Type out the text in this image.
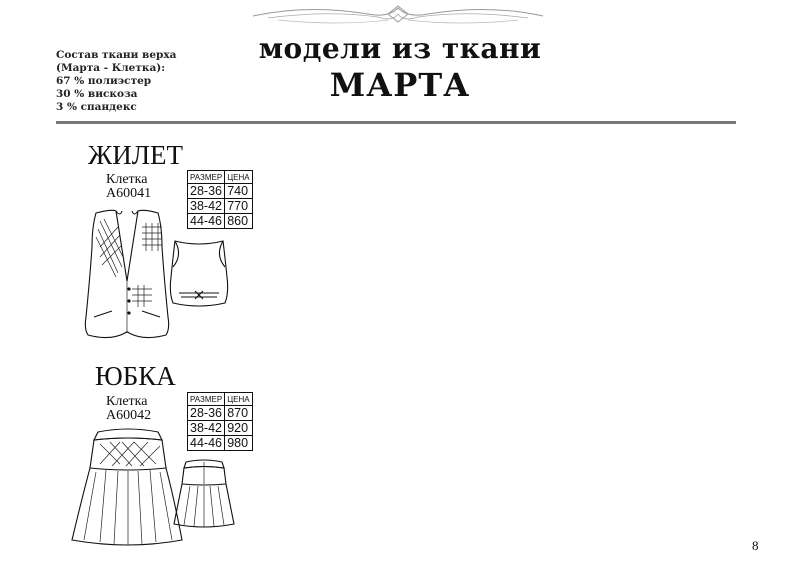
Состав ткани верха
(Марта - Клетка):
67 % полиэстер
30 % вискоза
3 % спандекс
модели из ткани
МАРТА
ЖИЛЕТ
Клетка
А60041
РАЗМЕР	ЦЕНА
28-36	740
38-42	770
44-46	860
ЮБКА
Клетка
А60042
РАЗМЕР	ЦЕНА
28-36	870
38-42	920
44-46	980
8
